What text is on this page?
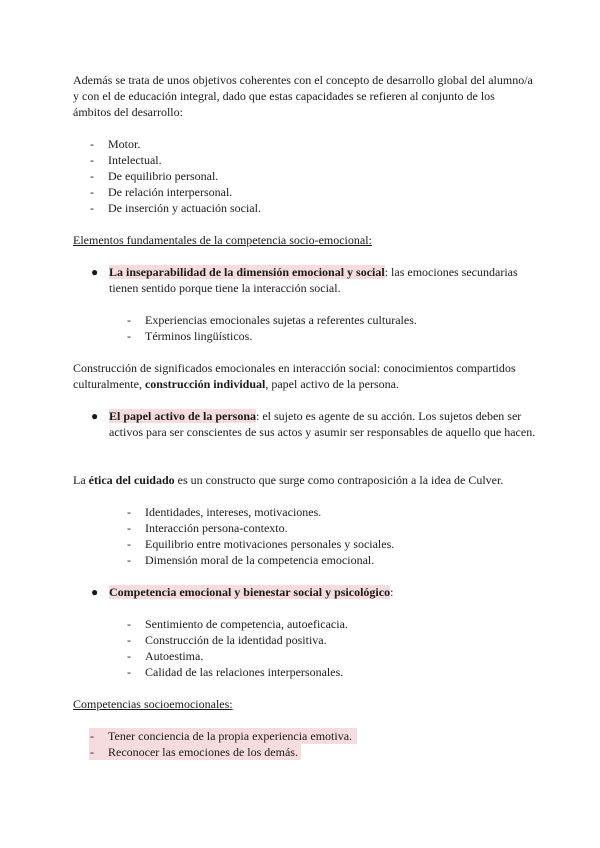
Además se trata de unos objetivos coherentes con el concepto de desarrollo global del alumno/a y con el de educación integral, dado que estas capacidades se refieren al conjunto de los ámbitos del desarrollo:

- Motor.
- Intelectual.
- De equilibrio personal.
- De relación interpersonal.
- De inserción y actuación social.

Elementos fundamentales de la competencia socio-emocional:

● La inseparabilidad de la dimensión emocional y social: las emociones secundarias tienen sentido porque tiene la interacción social.
- Experiencias emocionales sujetas a referentes culturales.
- Términos lingüísticos.

Construcción de significados emocionales en interacción social: conocimientos compartidos culturalmente, construcción individual, papel activo de la persona.

● El papel activo de la persona: el sujeto es agente de su acción. Los sujetos deben ser activos para ser conscientes de sus actos y asumir ser responsables de aquello que hacen.

La ética del cuidado es un constructo que surge como contraposición a la idea de Culver.

- Identidades, intereses, motivaciones.
- Interacción persona-contexto.
- Equilibrio entre motivaciones personales y sociales.
- Dimensión moral de la competencia emocional.
● Competencia emocional y bienestar social y psicológico:
- Sentimiento de competencia, autoeficacia.
- Construcción de la identidad positiva.
- Autoestima.
- Calidad de las relaciones interpersonales.

Competencias socioemocionales:

- Tener conciencia de la propia experiencia emotiva.
- Reconocer las emociones de los demás.
